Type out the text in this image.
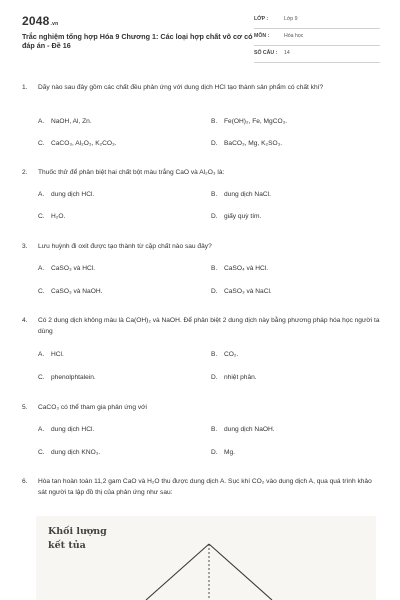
2048.vn
Trắc nghiệm tổng hợp Hóa 9 Chương 1: Các loại hợp chất vô cơ có đáp án - Đề 16
LỚP :	Lớp 9
MÔN :	Hóa học
SỐ CÂU : 14
1.	Dãy nào sau đây gồm các chất đều phản ứng với dung dịch HCl tạo thành sản phẩm có chất khí?
A. NaOH, Al, Zn.	B. Fe(OH)₂, Fe, MgCO₃.
C. CaCO₃, Al₂O₃, K₂CO₃.	D. BaCO₃, Mg, K₂SO₃.
2.	Thuốc thử để phân biệt hai chất bột màu trắng CaO và Al₂O₃ là:
A. dung dịch HCl.	B. dung dịch NaCl.
C. H₂O.	D. giấy quỳ tím.
3.	Lưu huỳnh đi oxit được tạo thành từ cặp chất nào sau đây?
A. CaSO₃ và HCl.	B. CaSO₄ và HCl.
C. CaSO₃ và NaOH.	D. CaSO₃ và NaCl.
4.	Có 2 dung dịch không màu là Ca(OH)₂ và NaOH. Để phân biệt 2 dung dịch này bằng phương pháp hóa học người ta dùng
A. HCl.	B. CO₂.
C. phenolphtalein.	D. nhiệt phân.
5.	CaCO₃ có thể tham gia phản ứng với
A. dung dịch HCl.	B. dung dịch NaOH.
C. dung dịch KNO₃.	D. Mg.
6.	Hòa tan hoàn toàn 11,2 gam CaO và H₂O thu được dung dịch A. Sục khí CO₂ vào dung dịch A, qua quá trình khảo sát người ta lập đồ thị của phản ứng như sau:
Khối lượng
kết tủa
